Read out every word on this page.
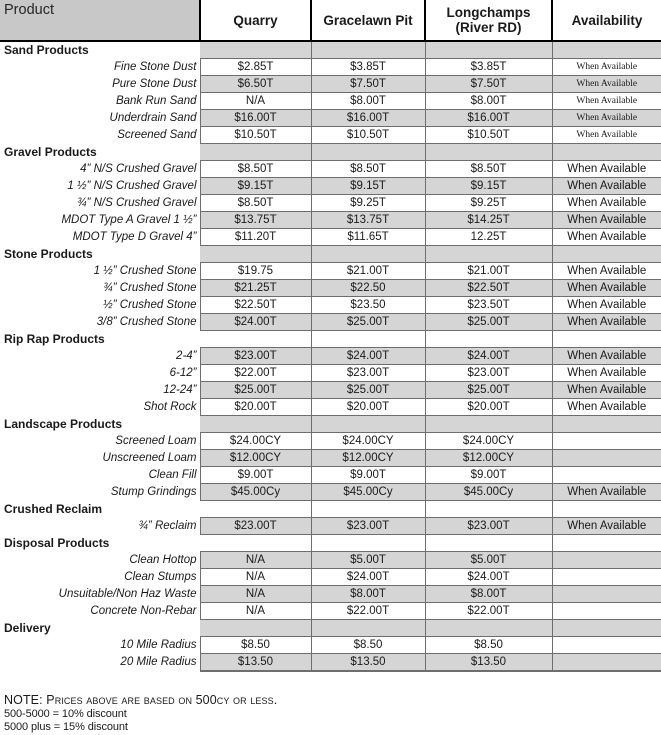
Product	Quarry	Gracelawn Pit	Longchamps
(River RD)	Availability
Sand Products				
Fine Stone Dust	$2.85T	$3.85T	$3.85T	When Available
Pure Stone Dust	$6.50T	$7.50T	$7.50T	When Available
Bank Run Sand	N/A	$8.00T	$8.00T	When Available
Underdrain Sand	$16.00T	$16.00T	$16.00T	When Available
Screened Sand	$10.50T	$10.50T	$10.50T	When Available
Gravel Products				
4” N/S Crushed Gravel	$8.50T	$8.50T	$8.50T	When Available
1 ½” N/S Crushed Gravel	$9.15T	$9.15T	$9.15T	When Available
¾” N/S Crushed Gravel	$8.50T	$9.25T	$9.25T	When Available
MDOT Type A Gravel 1 ½”	$13.75T	$13.75T	$14.25T	When Available
MDOT Type D Gravel 4”	$11.20T	$11.65T	12.25T	When Available
Stone Products				
1 ½” Crushed Stone	$19.75	$21.00T	$21.00T	When Available
¾” Crushed Stone	$21.25T	$22.50	$22.50T	When Available
½” Crushed Stone	$22.50T	$23.50	$23.50T	When Available
3/8” Crushed Stone	$24.00T	$25.00T	$25.00T	When Available
Rip Rap Products				
2-4”	$23.00T	$24.00T	$24.00T	When Available
6-12”	$22.00T	$23.00T	$23.00T	When Available
12-24”	$25.00T	$25.00T	$25.00T	When Available
Shot Rock	$20.00T	$20.00T	$20.00T	When Available
Landscape Products				
Screened Loam	$24.00CY	$24.00CY	$24.00CY	
Unscreened Loam	$12.00CY	$12.00CY	$12.00CY	
Clean Fill	$9.00T	$9.00T	$9.00T	
Stump Grindings	$45.00Cy	$45.00Cy	$45.00Cy	When Available
Crushed Reclaim				
¾” Reclaim	$23.00T	$23.00T	$23.00T	When Available
Disposal Products				
Clean Hottop	N/A	$5.00T	$5.00T	
Clean Stumps	N/A	$24.00T	$24.00T	
Unsuitable/Non Haz Waste	N/A	$8.00T	$8.00T	
Concrete Non-Rebar	N/A	$22.00T	$22.00T	
Delivery				
10 Mile Radius	$8.50	$8.50	$8.50	
20 Mile Radius	$13.50	$13.50	$13.50	
NOTE: Prices above are based on 500cy or less.
500-5000 = 10% discount
5000 plus = 15% discount
